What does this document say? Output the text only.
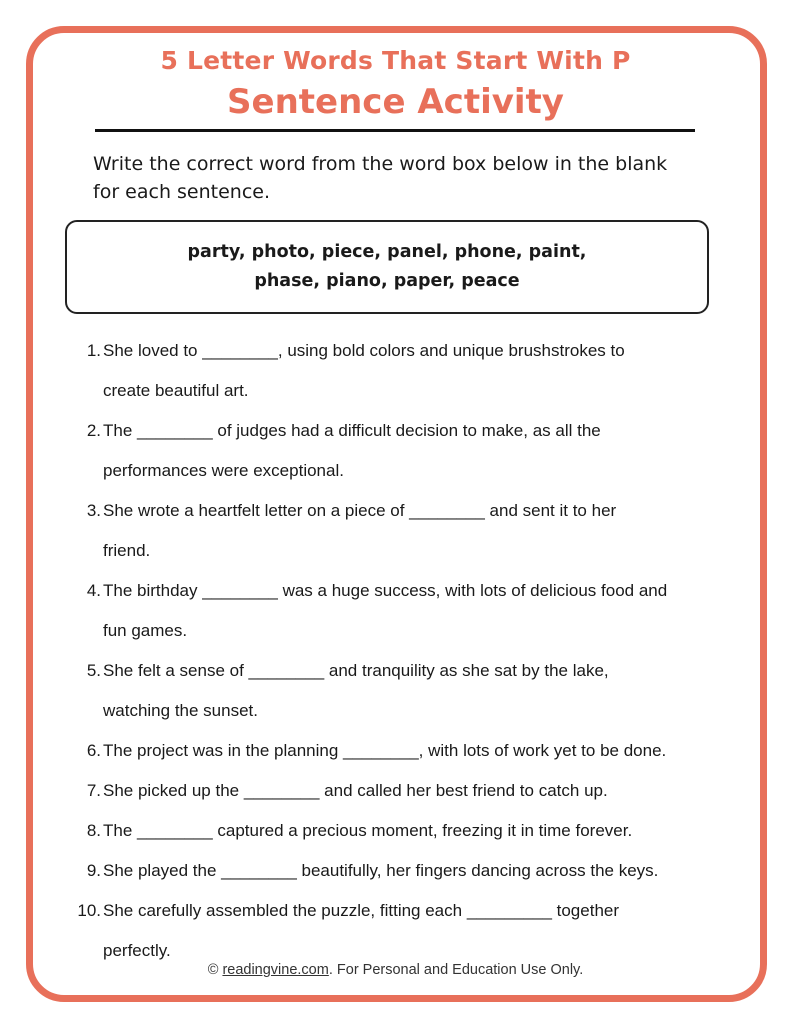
5 Letter Words That Start With P
Sentence Activity
Write the correct word from the word box below in the blank
for each sentence.
party, photo, piece, panel, phone, paint,
phase, piano, paper, peace
1. She loved to ________, using bold colors and unique brushstrokes to
create beautiful art.
2. The ________ of judges had a difficult decision to make, as all the
performances were exceptional.
3. She wrote a heartfelt letter on a piece of ________ and sent it to her
friend.
4. The birthday ________ was a huge success, with lots of delicious food and
fun games.
5. She felt a sense of ________ and tranquility as she sat by the lake,
watching the sunset.
6. The project was in the planning ________, with lots of work yet to be done.
7. She picked up the ________ and called her best friend to catch up.
8. The ________ captured a precious moment, freezing it in time forever.
9. She played the ________ beautifully, her fingers dancing across the keys.
10. She carefully assembled the puzzle, fitting each _________ together
perfectly.
© readingvine.com. For Personal and Education Use Only.
